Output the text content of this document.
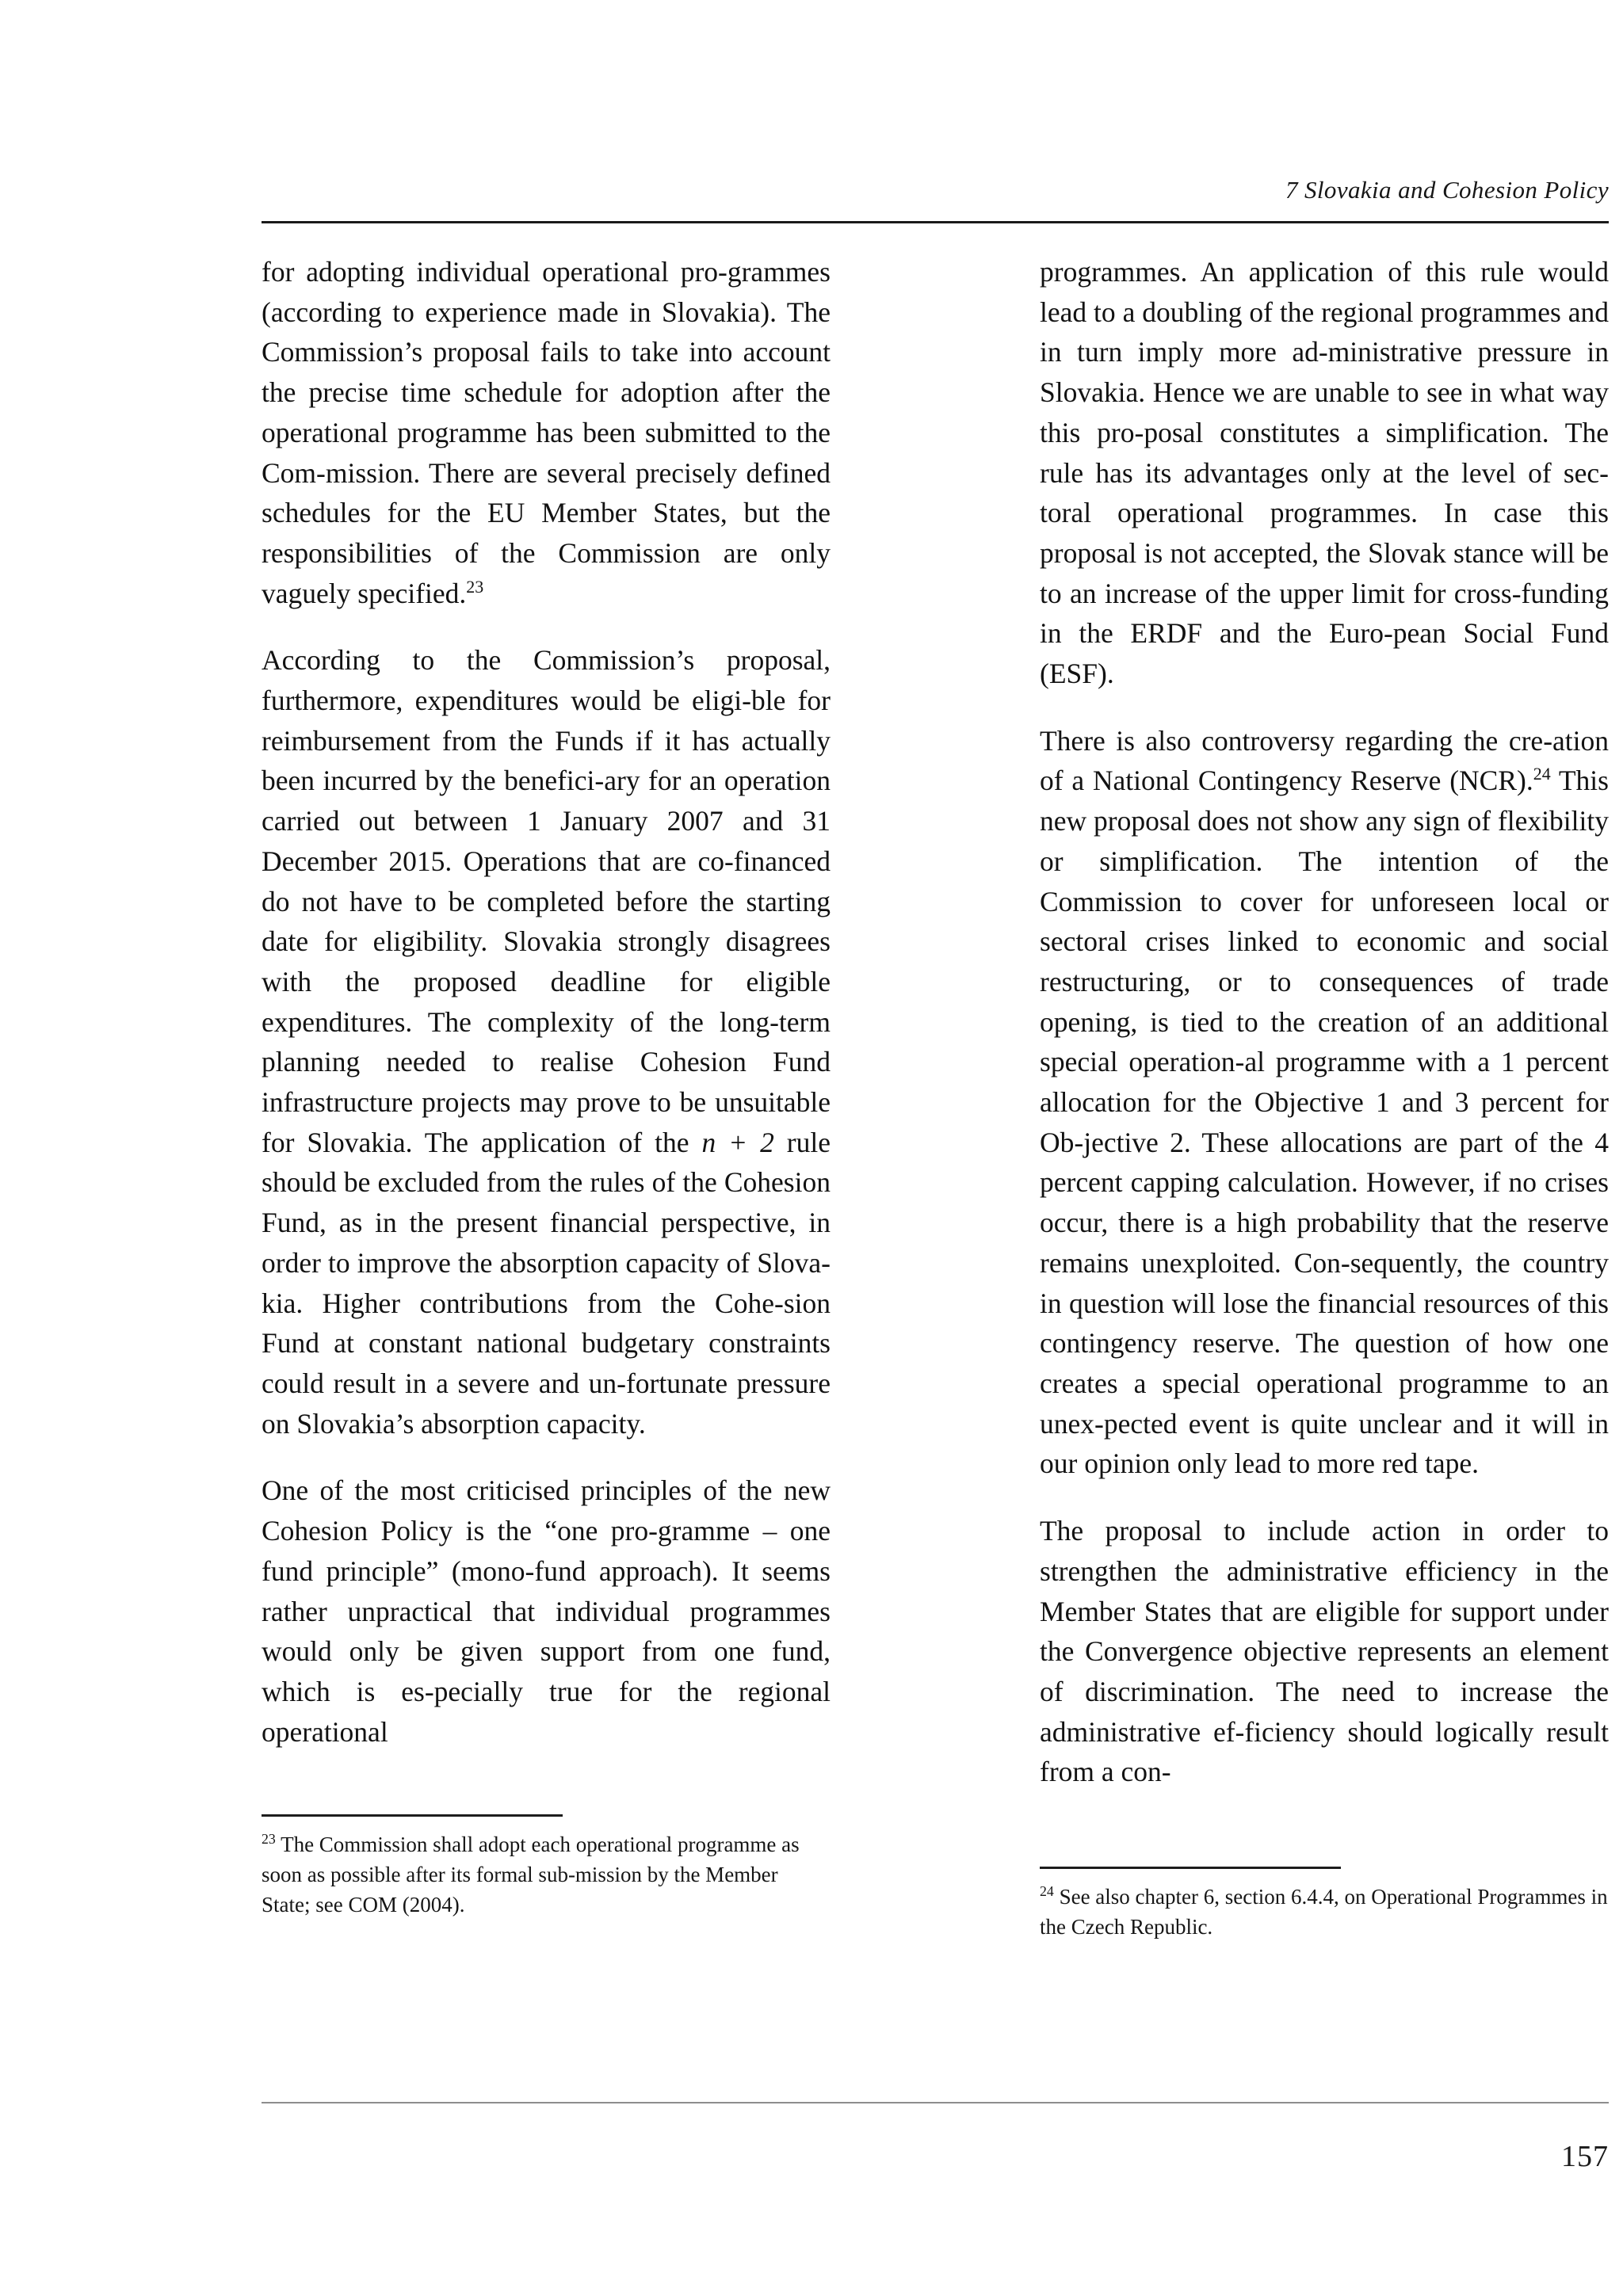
7 Slovakia and Cohesion Policy

for adopting individual operational pro-grammes (according to experience made in Slovakia). The Commission’s proposal fails to take into account the precise time schedule for adoption after the operational programme has been submitted to the Com-mission. There are several precisely defined schedules for the EU Member States, but the responsibilities of the Commission are only vaguely specified.$^{23}$

According to the Commission’s proposal, furthermore, expenditures would be eligi-ble for reimbursement from the Funds if it has actually been incurred by the benefici-ary for an operation carried out between 1 January 2007 and 31 December 2015. Operations that are co-financed do not have to be completed before the starting date for eligibility. Slovakia strongly disagrees with the proposed deadline for eligible expenditures. The complexity of the long-term planning needed to realise Cohesion Fund infrastructure projects may prove to be unsuitable for Slovakia. The application of the n + 2 rule should be excluded from the rules of the Cohesion Fund, as in the present financial perspective, in order to improve the absorption capacity of Slova-kia. Higher contributions from the Cohe-sion Fund at constant national budgetary constraints could result in a severe and un-fortunate pressure on Slovakia’s absorption capacity.

One of the most criticised principles of the new Cohesion Policy is the “one pro-gramme – one fund principle” (mono-fund approach). It seems rather unpractical that individual programmes would only be given support from one fund, which is es-pecially true for the regional operational

$^{23}$ The Commission shall adopt each operational programme as soon as possible after its formal sub-mission by the Member State; see COM (2004).

programmes. An application of this rule would lead to a doubling of the regional programmes and in turn imply more ad-ministrative pressure in Slovakia. Hence we are unable to see in what way this pro-posal constitutes a simplification. The rule has its advantages only at the level of sec-toral operational programmes. In case this proposal is not accepted, the Slovak stance will be to an increase of the upper limit for cross-funding in the ERDF and the Euro-pean Social Fund (ESF).

There is also controversy regarding the cre-ation of a National Contingency Reserve (NCR).$^{24}$ This new proposal does not show any sign of flexibility or simplification. The intention of the Commission to cover for unforeseen local or sectoral crises linked to economic and social restructuring, or to consequences of trade opening, is tied to the creation of an additional special operation-al programme with a 1 percent allocation for the Objective 1 and 3 percent for Ob-jective 2. These allocations are part of the 4 percent capping calculation. However, if no crises occur, there is a high probability that the reserve remains unexploited. Con-sequently, the country in question will lose the financial resources of this contingency reserve. The question of how one creates a special operational programme to an unex-pected event is quite unclear and it will in our opinion only lead to more red tape.

The proposal to include action in order to strengthen the administrative efficiency in the Member States that are eligible for support under the Convergence objective represents an element of discrimination. The need to increase the administrative ef-ficiency should logically result from a con-

$^{24}$ See also chapter 6, section 6.4.4, on Operational Programmes in the Czech Republic.

157
